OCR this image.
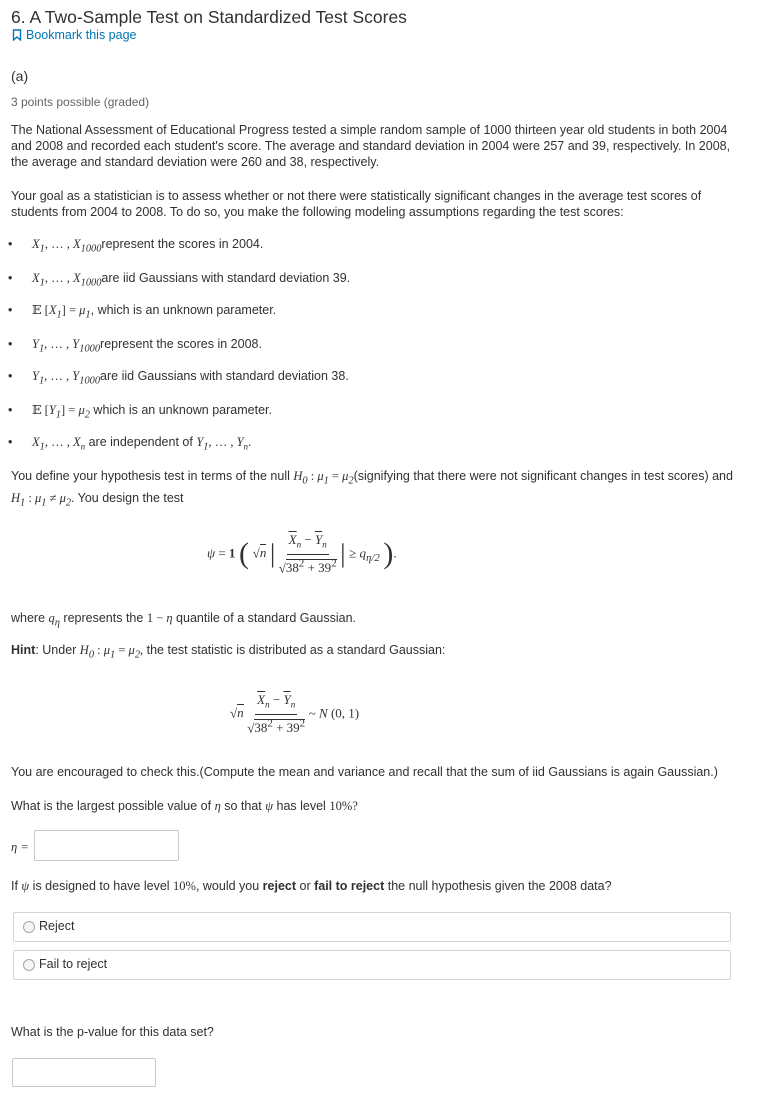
6. A Two-Sample Test on Standardized Test Scores
Bookmark this page
(a)
3 points possible (graded)

The National Assessment of Educational Progress tested a simple random sample of 1000 thirteen year old students in both 2004 and 2008 and recorded each student's score. The average and standard deviation in 2004 were 257 and 39, respectively. In 2008, the average and standard deviation were 260 and 38, respectively.

Your goal as a statistician is to assess whether or not there were statistically significant changes in the average test scores of students from 2004 to 2008. To do so, you make the following modeling assumptions regarding the test scores:

• $X_1$, … , $X_{1000}represent$ the scores in 2004.
• $X_1$, … , $X_{1000}are$ iid Gaussians with standard deviation 39.
• 𝔼 $[X_1] = \mu_1$, which is an unknown parameter.
• $Y_1$, … , $Y_{1000}represent$ the scores in 2008.
• $Y_1$, … , $Y_{1000}are$ iid Gaussians with standard deviation 38.
• 𝔼 $[Y_1] = \mu_2$ which is an unknown parameter.
• $X_1$, … , $X_n$ are independent of $Y_1$, … , $Y_n$.

You define your hypothesis test in terms of the null $H_0$ : $\mu_1$ = $\mu_2(signifying$ that there were not significant changes in test scores) and $H_1$ : $\mu_1 \ne \mu_2$. You design the test

ψ = 1 ( √n | $\frac{\overline{X}_n - \overline{Y}_n}{√38^2 + 39^2}$ | ≥ $q_{\eta/2}$ ).
where $q_\eta$ represents the 1 − η quantile of a standard Gaussian.
Hint: Under $H_0$ : $\mu_1 = \mu_2$, the test statistic is distributed as a standard Gaussian:
$√n \frac{\overline{X}_n - \overline{Y}_n}{√38^2 + 39^2}$ ~ N (0, 1)
You are encouraged to check this.(Compute the mean and variance and recall that the sum of iid Gaussians is again Gaussian.)
What is the largest possible value of η so that ψ has level 10%?
η =
If ψ is designed to have level 10%, would you reject or fail to reject the null hypothesis given the 2008 data?
Reject
Fail to reject
What is the p-value for this data set?
